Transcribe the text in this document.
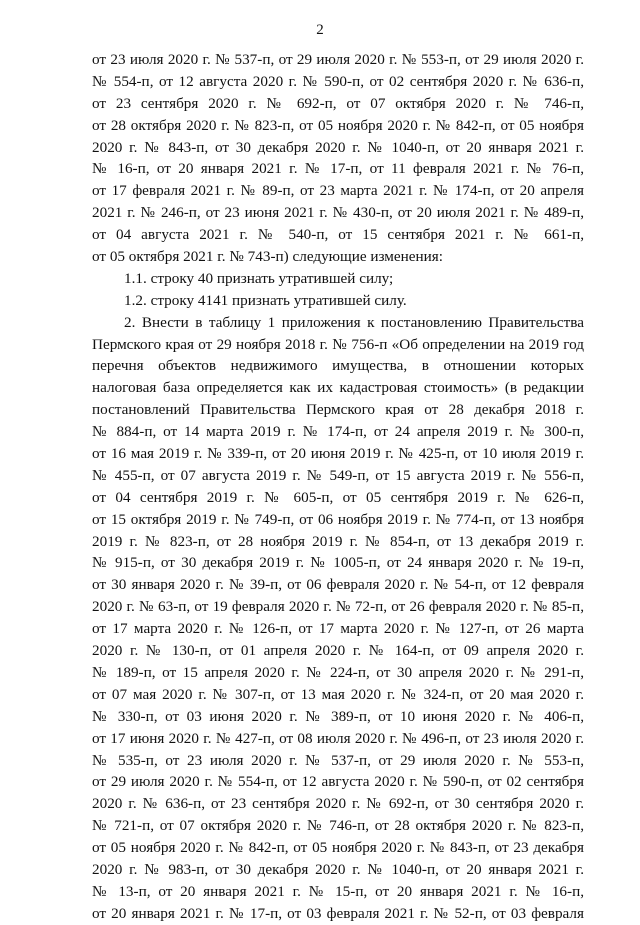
2
от 23 июля 2020 г. № 537-п, от 29 июля 2020 г. № 553-п, от 29 июля 2020 г.
№ 554-п, от 12 августа 2020 г. № 590-п, от 02 сентября 2020 г. № 636-п,
от 23 сентября 2020 г. № 692-п, от 07 октября 2020 г. № 746-п,
от 28 октября 2020 г. № 823-п, от 05 ноября 2020 г. № 842-п, от 05 ноября
2020 г. № 843-п, от 30 декабря 2020 г. № 1040-п, от 20 января 2021 г.
№ 16-п, от 20 января 2021 г. № 17-п, от 11 февраля 2021 г. № 76-п,
от 17 февраля 2021 г. № 89-п, от 23 марта 2021 г. № 174-п, от 20 апреля
2021 г. № 246-п, от 23 июня 2021 г. № 430-п, от 20 июля 2021 г. № 489-п,
от 04 августа 2021 г. № 540-п, от 15 сентября 2021 г. № 661-п,
от 05 октября 2021 г. № 743-п) следующие изменения:
1.1. строку 40 признать утратившей силу;
1.2. строку 4141 признать утратившей силу.
2. Внести в таблицу 1 приложения к постановлению Правительства
Пермского края от 29 ноября 2018 г. № 756-п «Об определении на 2019 год
перечня объектов недвижимого имущества, в отношении которых
налоговая база определяется как их кадастровая стоимость» (в редакции
постановлений Правительства Пермского края от 28 декабря 2018 г.
№ 884-п, от 14 марта 2019 г. № 174-п, от 24 апреля 2019 г. № 300-п,
от 16 мая 2019 г. № 339-п, от 20 июня 2019 г. № 425-п, от 10 июля 2019 г.
№ 455-п, от 07 августа 2019 г. № 549-п, от 15 августа 2019 г. № 556-п,
от 04 сентября 2019 г. № 605-п, от 05 сентября 2019 г. № 626-п,
от 15 октября 2019 г. № 749-п, от 06 ноября 2019 г. № 774-п, от 13 ноября
2019 г. № 823-п, от 28 ноября 2019 г. № 854-п, от 13 декабря 2019 г.
№ 915-п, от 30 декабря 2019 г. № 1005-п, от 24 января 2020 г. № 19-п,
от 30 января 2020 г. № 39-п, от 06 февраля 2020 г. № 54-п, от 12 февраля
2020 г. № 63-п, от 19 февраля 2020 г. № 72-п, от 26 февраля 2020 г. № 85-п,
от 17 марта 2020 г. № 126-п, от 17 марта 2020 г. № 127-п, от 26 марта
2020 г. № 130-п, от 01 апреля 2020 г. № 164-п, от 09 апреля 2020 г.
№ 189-п, от 15 апреля 2020 г. № 224-п, от 30 апреля 2020 г. № 291-п,
от 07 мая 2020 г. № 307-п, от 13 мая 2020 г. № 324-п, от 20 мая 2020 г.
№ 330-п, от 03 июня 2020 г. № 389-п, от 10 июня 2020 г. № 406-п,
от 17 июня 2020 г. № 427-п, от 08 июля 2020 г. № 496-п, от 23 июля 2020 г.
№ 535-п, от 23 июля 2020 г. № 537-п, от 29 июля 2020 г. № 553-п,
от 29 июля 2020 г. № 554-п, от 12 августа 2020 г. № 590-п, от 02 сентября
2020 г. № 636-п, от 23 сентября 2020 г. № 692-п, от 30 сентября 2020 г.
№ 721-п, от 07 октября 2020 г. № 746-п, от 28 октября 2020 г. № 823-п,
от 05 ноября 2020 г. № 842-п, от 05 ноября 2020 г. № 843-п, от 23 декабря
2020 г. № 983-п, от 30 декабря 2020 г. № 1040-п, от 20 января 2021 г.
№ 13-п, от 20 января 2021 г. № 15-п, от 20 января 2021 г. № 16-п,
от 20 января 2021 г. № 17-п, от 03 февраля 2021 г. № 52-п, от 03 февраля
